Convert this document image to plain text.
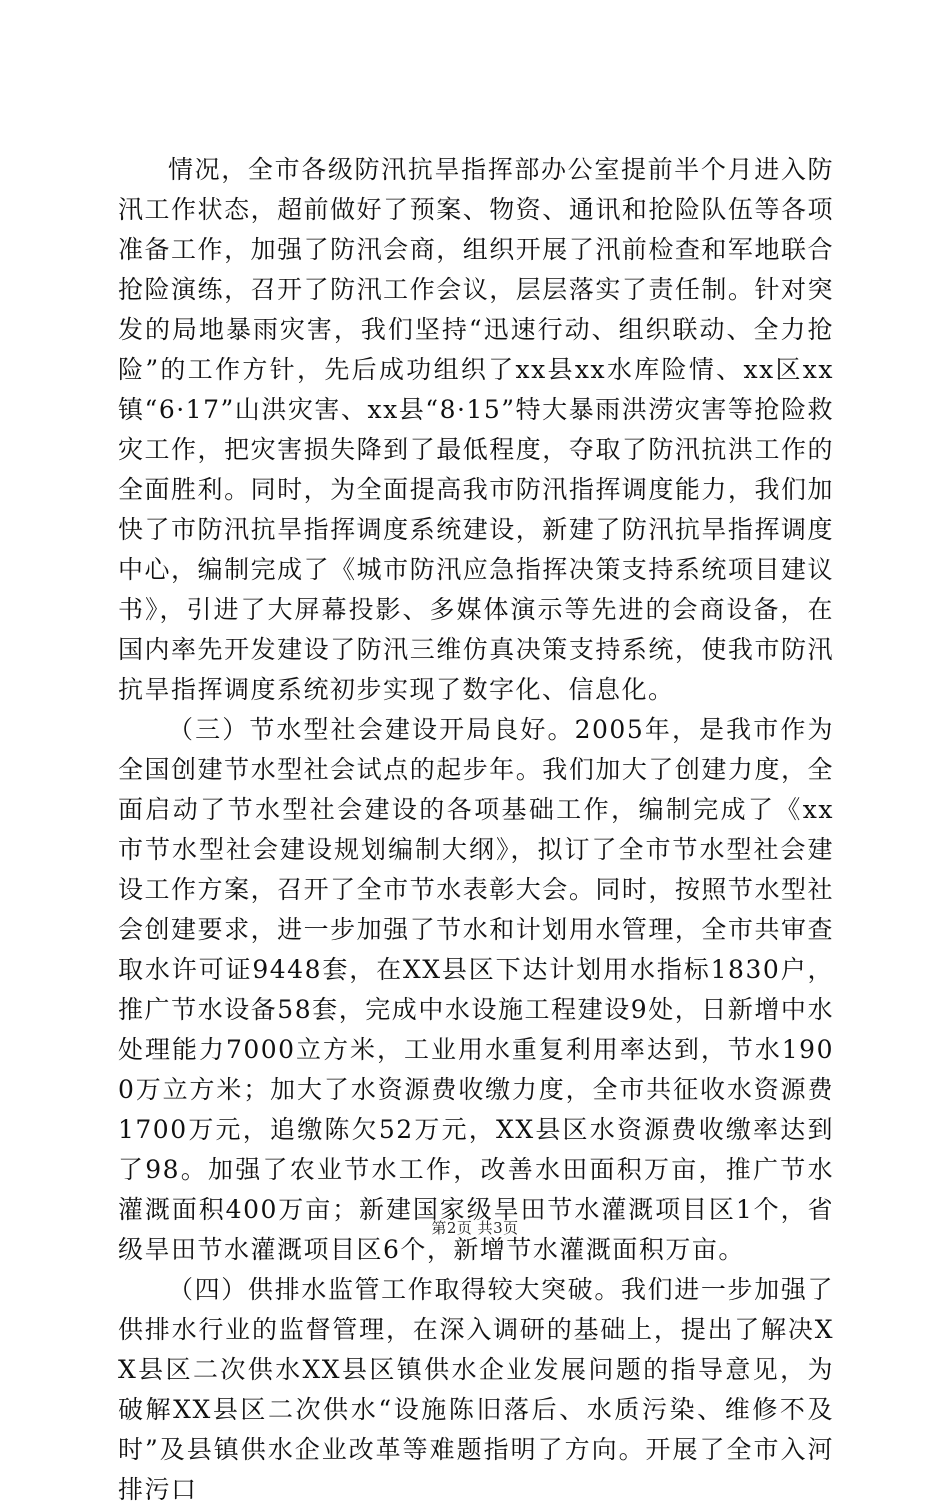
情况，全市各级防汛抗旱指挥部办公室提前半个月进入防汛工作状态，超前做好了预案、物资、通讯和抢险队伍等各项准备工作，加强了防汛会商，组织开展了汛前检查和军地联合抢险演练，召开了防汛工作会议，层层落实了责任制。针对突发的局地暴雨灾害，我们坚持“迅速行动、组织联动、全力抢险”的工作方针，先后成功组织了xx县xx水库险情、xx区xx镇“6·17”山洪灾害、xx县“8·15”特大暴雨洪涝灾害等抢险救灾工作，把灾害损失降到了最低程度，夺取了防汛抗洪工作的全面胜利。同时，为全面提高我市防汛指挥调度能力，我们加快了市防汛抗旱指挥调度系统建设，新建了防汛抗旱指挥调度中心，编制完成了《城市防汛应急指挥决策支持系统项目建议书》，引进了大屏幕投影、多媒体演示等先进的会商设备，在国内率先开发建设了防汛三维仿真决策支持系统，使我市防汛抗旱指挥调度系统初步实现了数字化、信息化。

（三）节水型社会建设开局良好。2005年，是我市作为全国创建节水型社会试点的起步年。我们加大了创建力度，全面启动了节水型社会建设的各项基础工作，编制完成了《xx市节水型社会建设规划编制大纲》，拟订了全市节水型社会建设工作方案，召开了全市节水表彰大会。同时，按照节水型社会创建要求，进一步加强了节水和计划用水管理，全市共审查取水许可证9448套，在XX县区下达计划用水指标1830户，推广节水设备58套，完成中水设施工程建设9处，日新增中水处理能力7000立方米，工业用水重复利用率达到，节水1900万立方米；加大了水资源费收缴力度，全市共征收水资源费1700万元，追缴陈欠52万元，XX县区水资源费收缴率达到了98。加强了农业节水工作，改善水田面积万亩，推广节水灌溉面积400万亩；新建国家级旱田节水灌溉项目区1个，省级旱田节水灌溉项目区6个，新增节水灌溉面积万亩。

（四）供排水监管工作取得较大突破。我们进一步加强了供排水行业的监督管理，在深入调研的基础上，提出了解决XX县区二次供水XX县区镇供水企业发展问题的指导意见，为破解XX县区二次供水“设施陈旧落后、水质污染、维修不及时”及县镇供水企业改革等难题指明了方向。开展了全市入河排污口

第2页 共3页
